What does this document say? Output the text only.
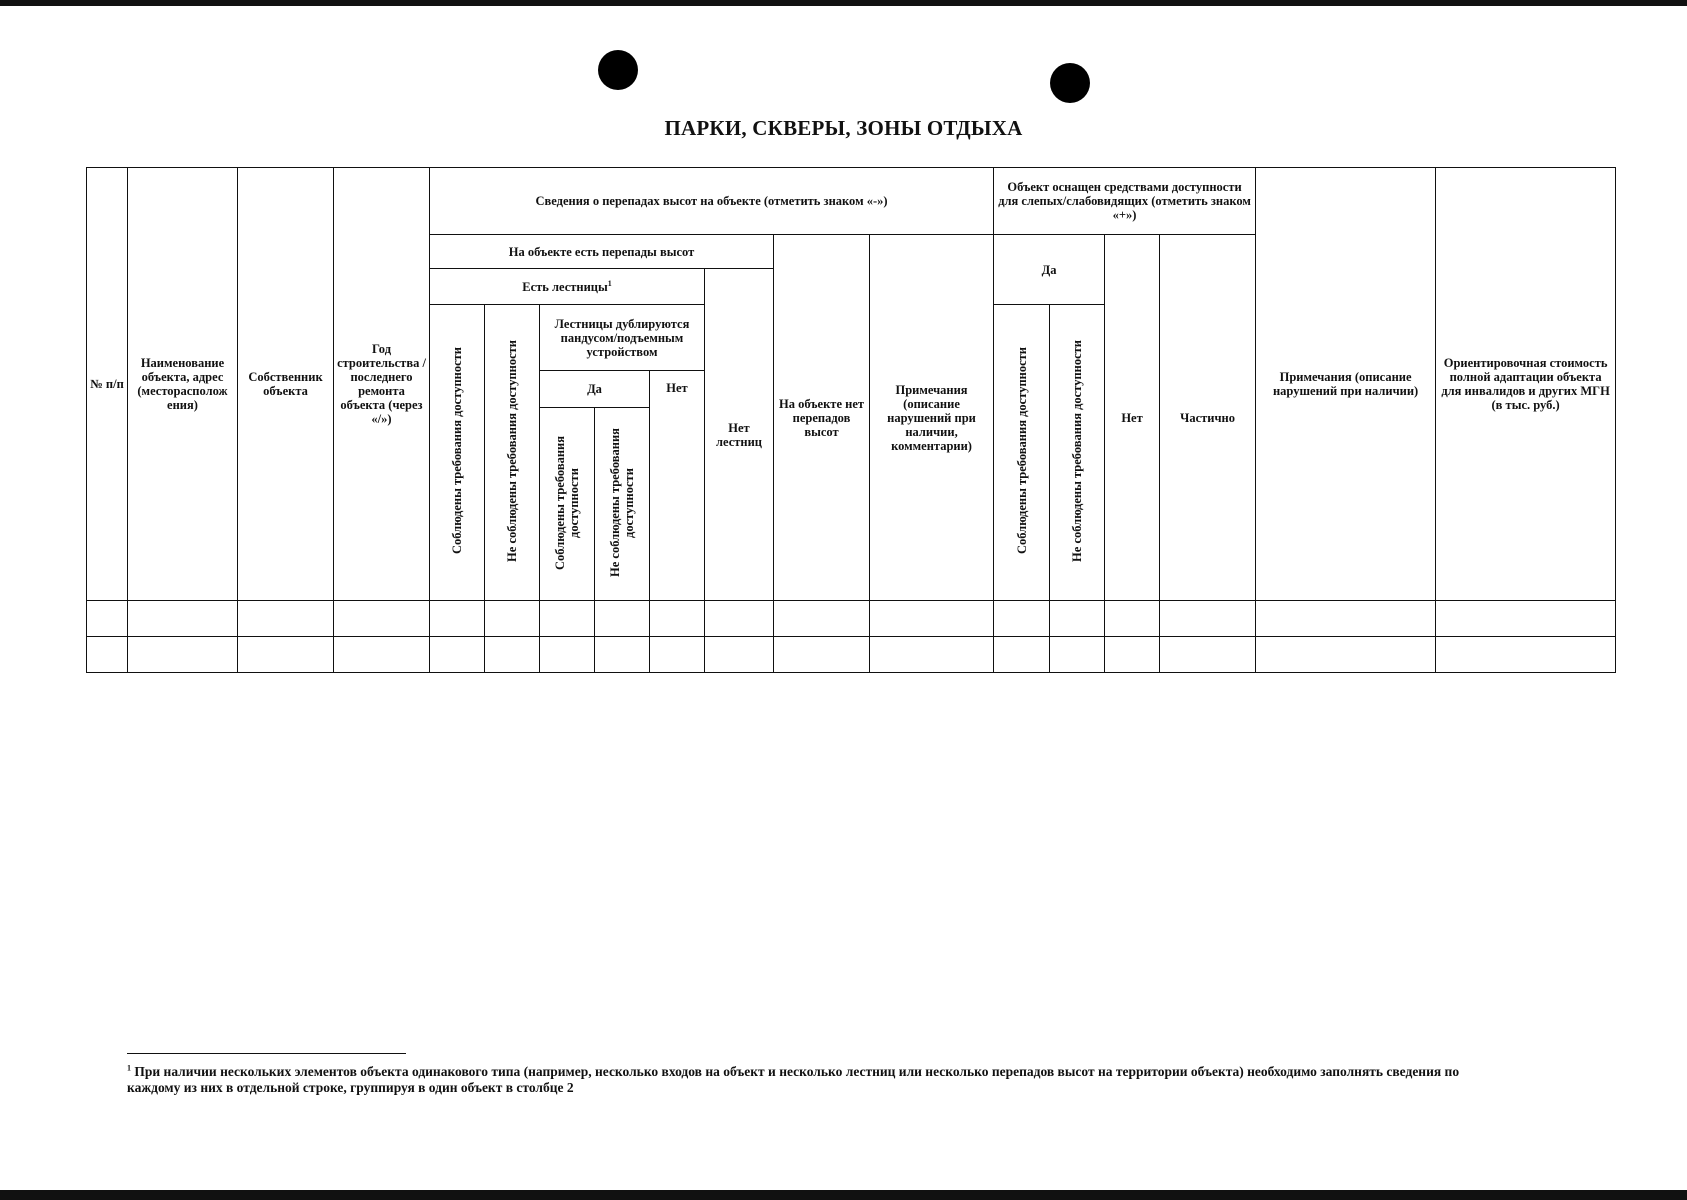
ПАРКИ, СКВЕРЫ, ЗОНЫ ОТДЫХА
№ п/п	Наименование объекта, адрес (месторасполож ения)	Собственник объекта	Год строительства /последнего ремонта объекта (через «/»)	Сведения о перепадах высот на объекте (отметить знаком «-»)								Объект оснащен средствами доступности для слепых/слабовидящих (отметить знаком «+»)				Примечания (описание нарушений при наличии)	Ориентировочная стоимость полной адаптации объекта для инвалидов и других МГН (в тыс. руб.)
				На объекте есть перепады высот						На объекте нет перепадов высот	Примечания (описание нарушений при наличии, комментарии)	Да		Нет	Частично		
				Есть лестницы$^1$					Нет лестниц								
				Соблюдены требования доступности	Не соблюдены требования доступности	Лестницы дублируются пандусом/подъемным устройством						Соблюдены требования доступности	Не соблюдены требования доступности				
						Да		Нет									
						Соблюдены требования доступности	Не соблюдены требования доступности										

$^1$ При наличии нескольких элементов объекта одинакового типа (например, несколько входов на объект и несколько лестниц или несколько перепадов высот на территории объекта) необходимо заполнять сведения по каждому из них в отдельной строке, группируя в один объект в столбце 2
